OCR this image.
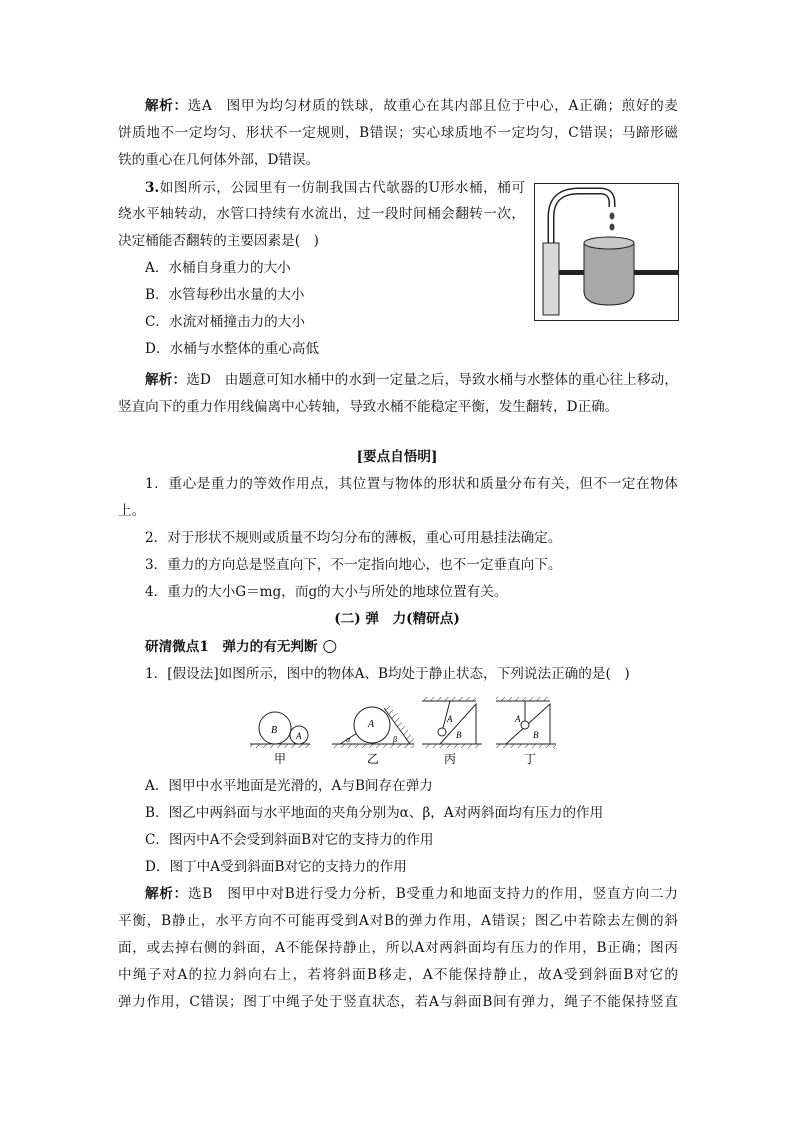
解析：选A　图甲为均匀材质的铁球，故重心在其内部且位于中心，A正确；煎好的麦
饼质地不一定均匀、形状不一定规则，B错误；实心球质地不一定均匀，C错误；马蹄形磁
铁的重心在几何体外部，D错误。
3.如图所示，公园里有一仿制我国古代欹器的U形水桶，桶可
绕水平轴转动，水管口持续有水流出，过一段时间桶会翻转一次，
决定桶能否翻转的主要因素是(　)
A．水桶自身重力的大小
B．水管每秒出水量的大小
C．水流对桶撞击力的大小
D．水桶与水整体的重心高低
解析：选D　由题意可知水桶中的水到一定量之后，导致水桶与水整体的重心往上移动，
竖直向下的重力作用线偏离中心转轴，导致水桶不能稳定平衡，发生翻转，D正确。
[要点自悟明]
1．重心是重力的等效作用点，其位置与物体的形状和质量分布有关，但不一定在物体
上。
2．对于形状不规则或质量不均匀分布的薄板，重心可用悬挂法确定。
3．重力的方向总是竖直向下，不一定指向地心，也不一定垂直向下。
4．重力的大小G＝mg，而g的大小与所处的地球位置有关。
(二) 弹　力(精研点)
研清微点1　弹力的有无判断 ○
1．[假设法]如图所示，图中的物体A、B均处于静止状态，下列说法正确的是(　)
B A
甲
A
α	β
乙
A
B
丙
A
B
丁
A．图甲中水平地面是光滑的，A与B间存在弹力
B．图乙中两斜面与水平地面的夹角分别为α、β，A对两斜面均有压力的作用
C．图丙中A不会受到斜面B对它的支持力的作用
D．图丁中A受到斜面B对它的支持力的作用
解析：选B　图甲中对B进行受力分析，B受重力和地面支持力的作用，竖直方向二力
平衡，B静止，水平方向不可能再受到A对B的弹力作用，A错误；图乙中若除去左侧的斜
面，或去掉右侧的斜面，A不能保持静止，所以A对两斜面均有压力的作用，B正确；图丙
中绳子对A的拉力斜向右上，若将斜面B移走，A不能保持静止，故A受到斜面B对它的
弹力作用，C错误；图丁中绳子处于竖直状态，若A与斜面B间有弹力，绳子不能保持竖直
